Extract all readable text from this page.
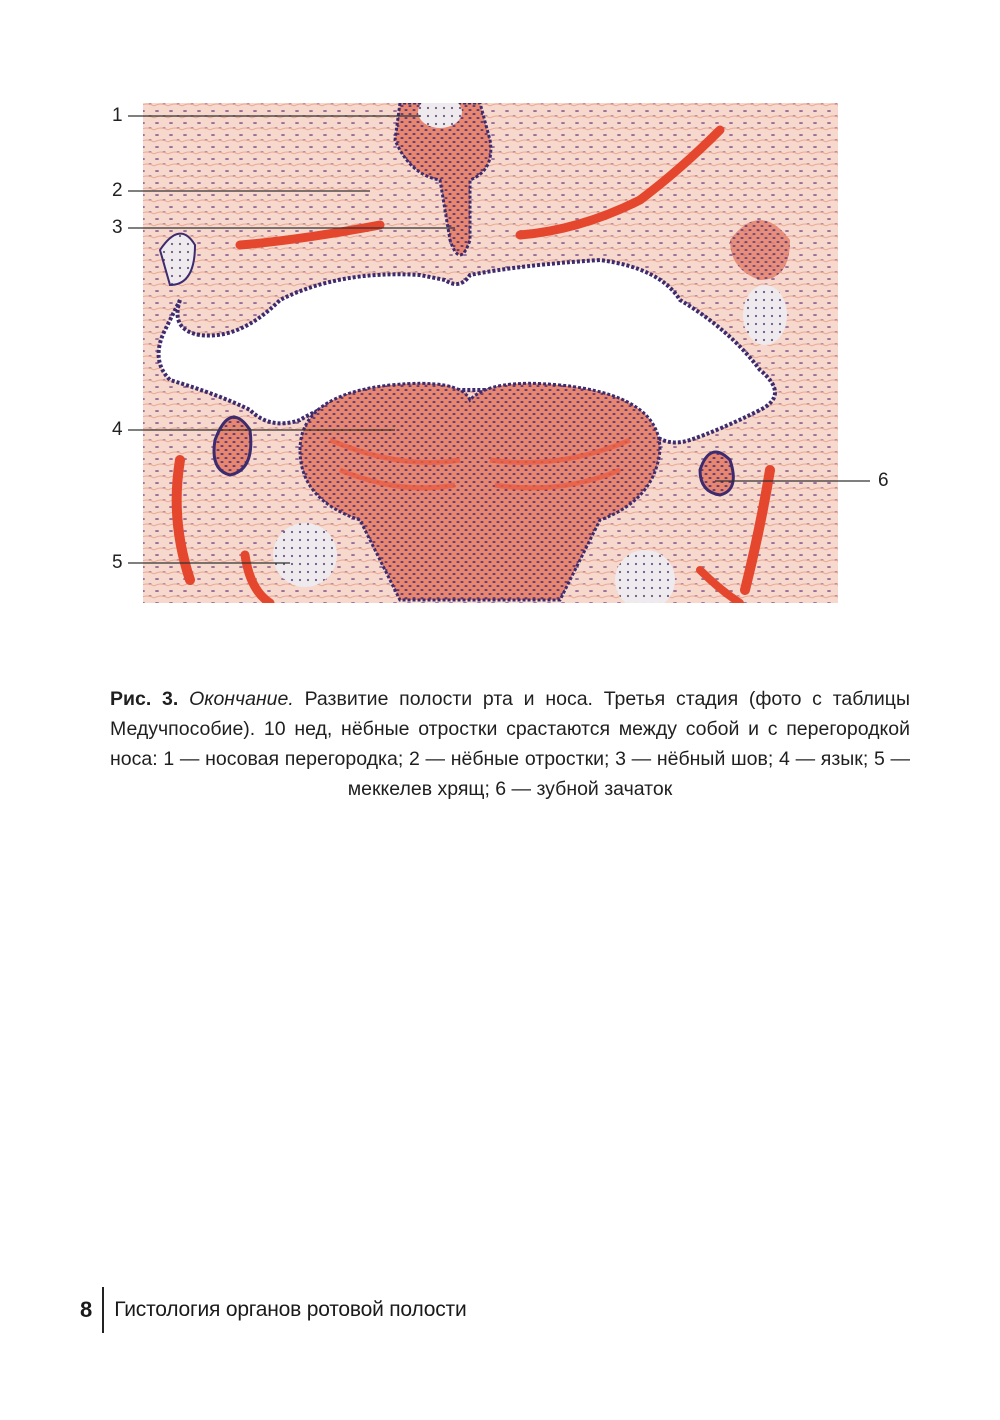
1
2
3
4
5
6

Рис. 3. Окончание. Развитие полости рта и носа. Третья стадия (фото с таблицы Медучпособие). 10 нед, нёбные отростки срастаются между собой и с перегородкой носа: 1 — носовая перегородка; 2 — нёбные отростки; 3 — нёбный шов; 4 — язык; 5 — меккелев хрящ; 6 — зубной зачаток

8	Гистология органов ротовой полости
